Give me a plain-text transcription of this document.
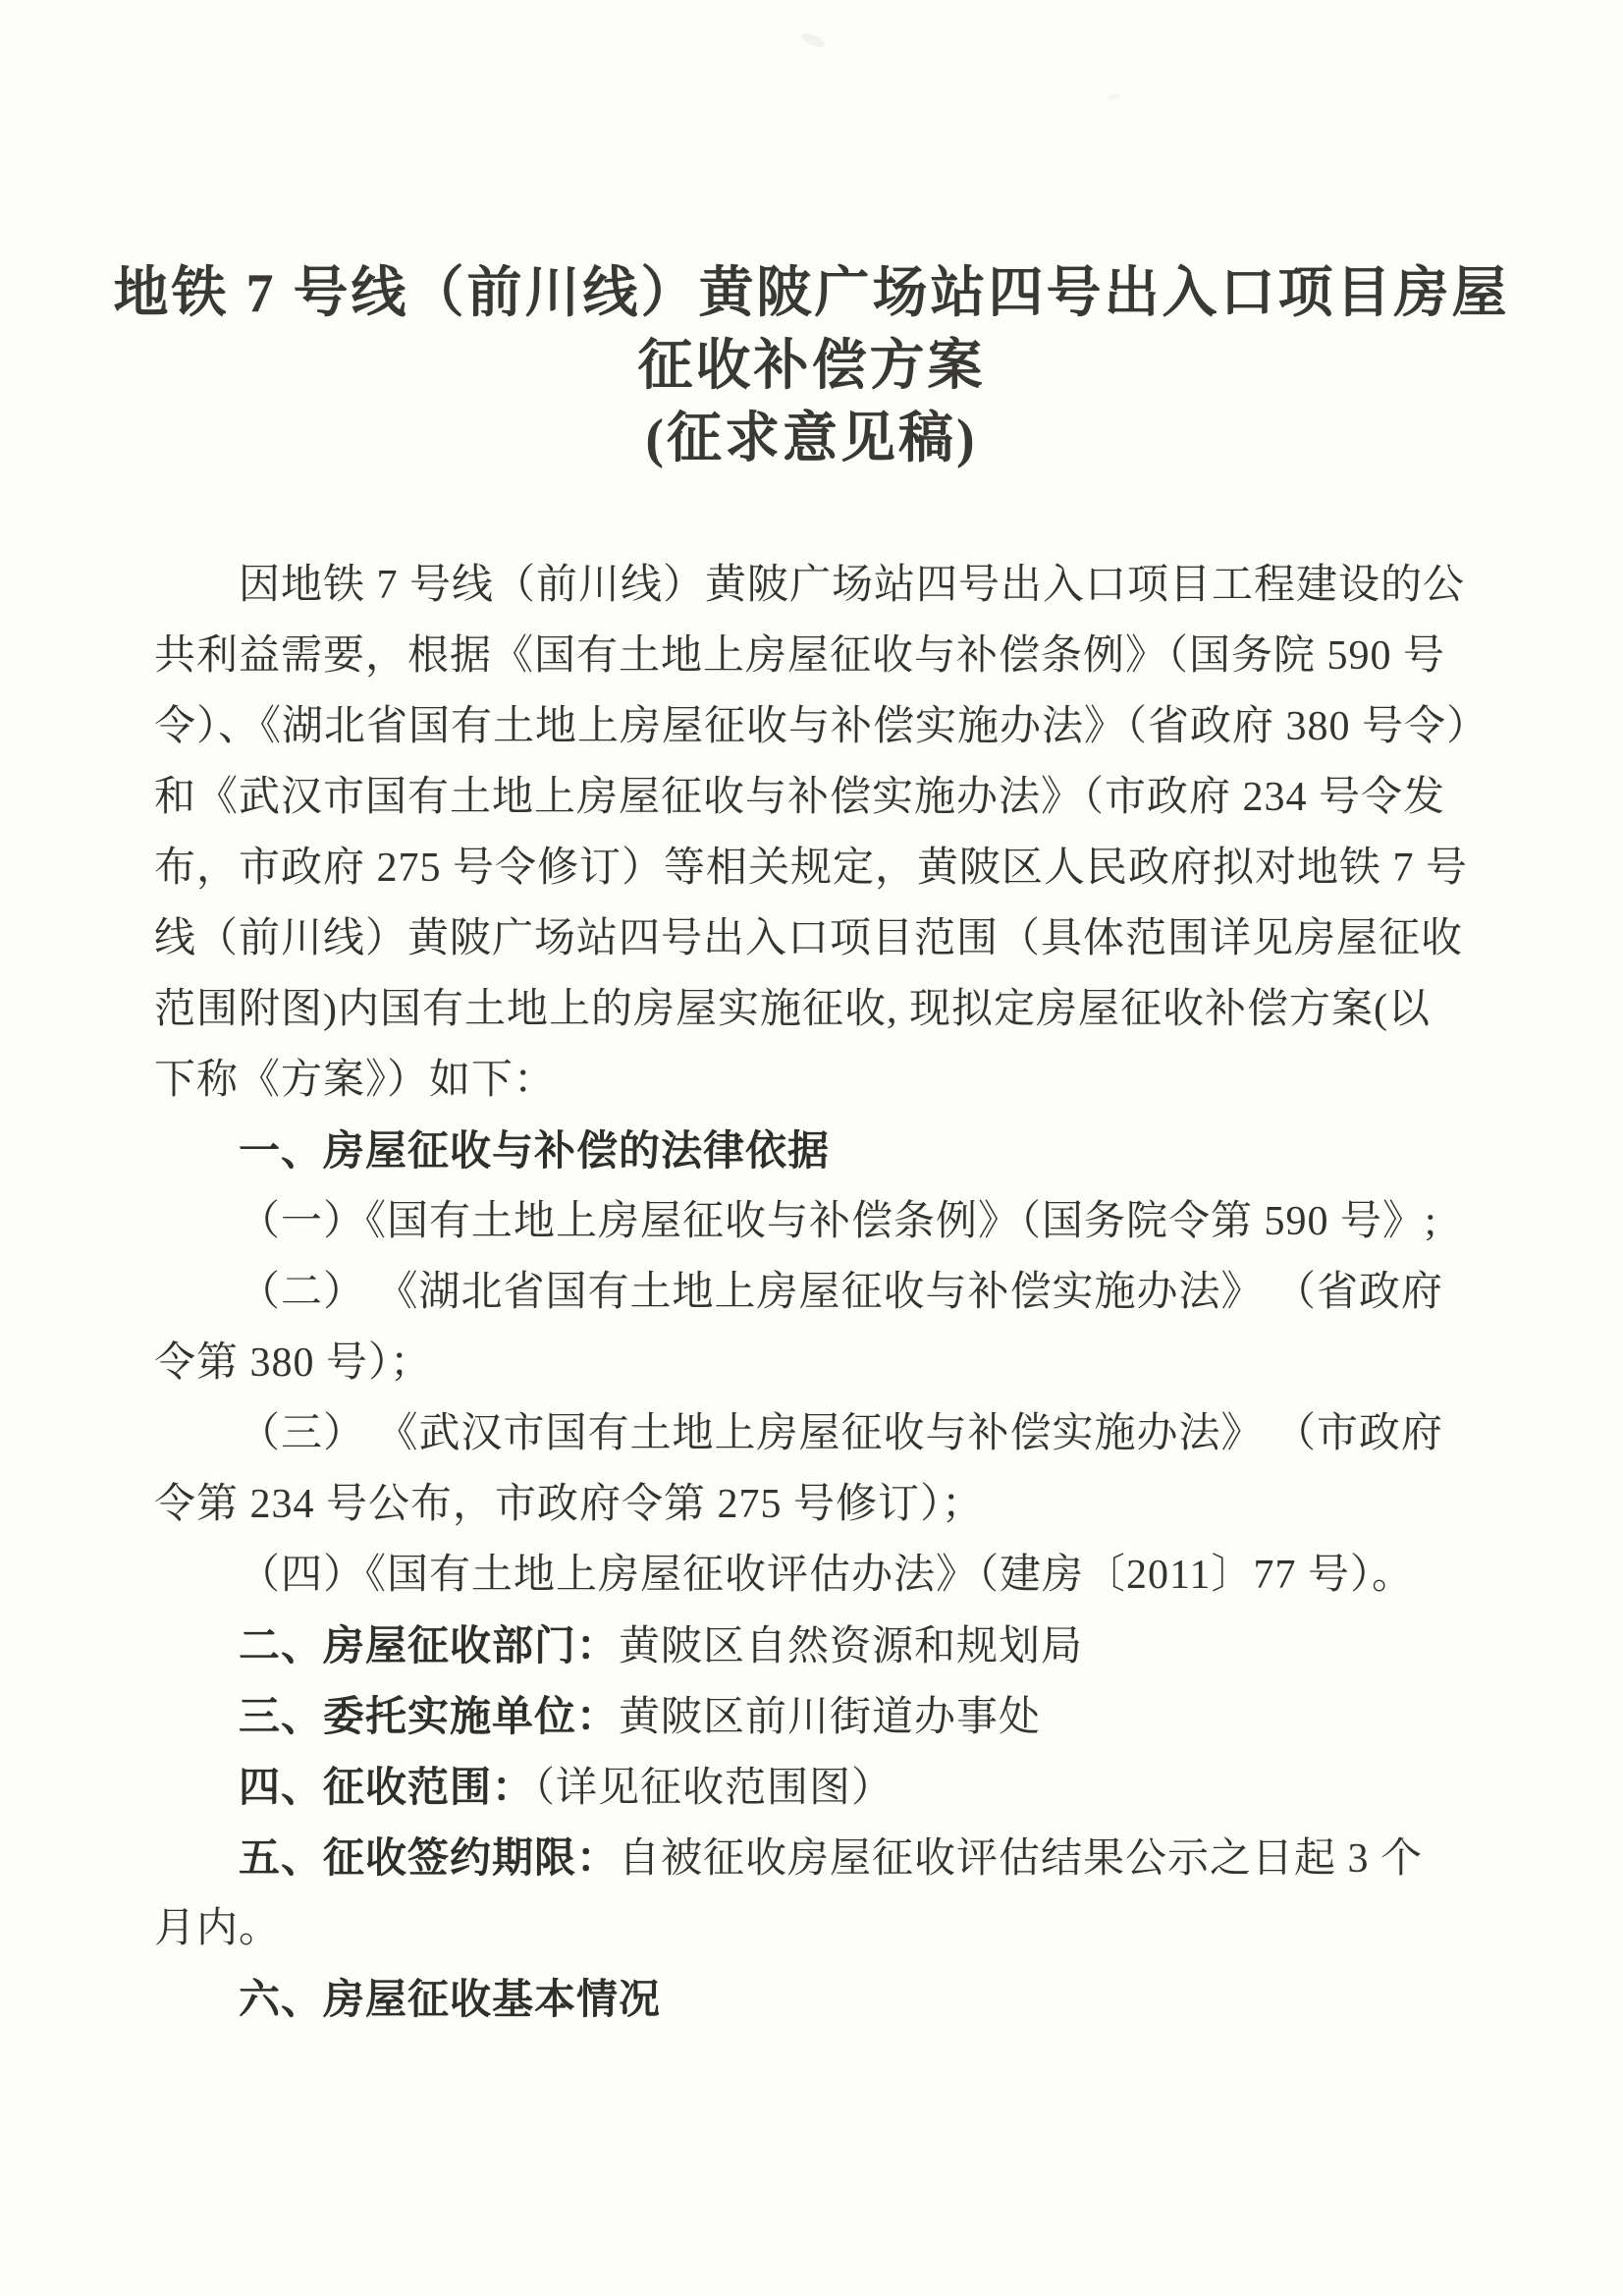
地铁 7 号线（前川线）黄陂广场站四号出入口项目房屋
征收补偿方案
(征求意见稿)
因地铁 7 号线（前川线）黄陂广场站四号出入口项目工程建设的公
共利益需要，根据《国有土地上房屋征收与补偿条例》（国务院 590 号
令）、《湖北省国有土地上房屋征收与补偿实施办法》（省政府 380 号令）
和《武汉市国有土地上房屋征收与补偿实施办法》（市政府 234 号令发
布，市政府 275 号令修订）等相关规定，黄陂区人民政府拟对地铁 7 号
线（前川线）黄陂广场站四号出入口项目范围（具体范围详见房屋征收
范围附图)内国有土地上的房屋实施征收, 现拟定房屋征收补偿方案(以
下称《方案》）如下：
一、房屋征收与补偿的法律依据
（一）《国有土地上房屋征收与补偿条例》（国务院令第 590 号》;
（二） 《湖北省国有土地上房屋征收与补偿实施办法》 （省政府
令第 380 号）；
（三） 《武汉市国有土地上房屋征收与补偿实施办法》 （市政府
令第 234 号公布，市政府令第 275 号修订）；
（四）《国有土地上房屋征收评估办法》（建房〔2011〕77 号）。
二、房屋征收部门：黄陂区自然资源和规划局
三、委托实施单位：黄陂区前川街道办事处
四、征收范围：（详见征收范围图）
五、征收签约期限：自被征收房屋征收评估结果公示之日起 3 个
月内。
六、房屋征收基本情况
